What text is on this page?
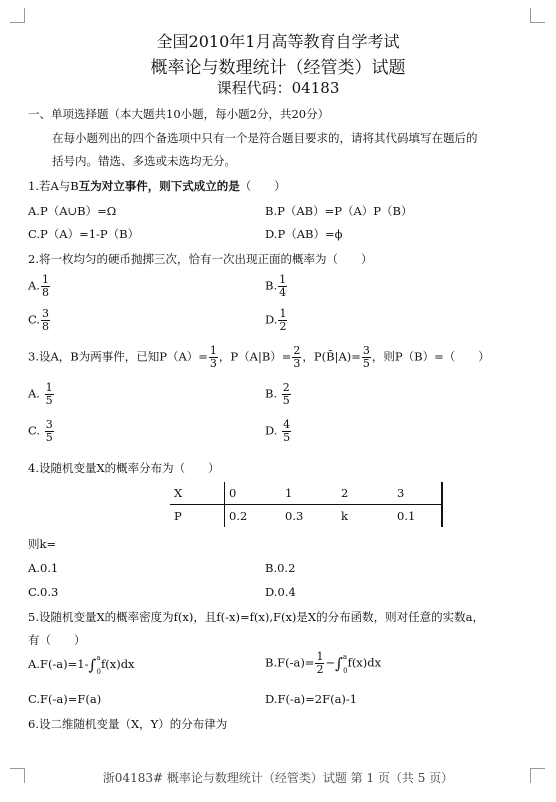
全国2010年1月高等教育自学考试
概率论与数理统计（经管类）试题
课程代码：04183
一、单项选择题（本大题共10小题，每小题2分，共20分）
在每小题列出的四个备选项中只有一个是符合题目要求的，请将其代码填写在题后的
括号内。错选、多选或未选均无分。
1.若A与B互为对立事件，则下式成立的是（　　）
A.P（A∪B）=Ω	B.P（AB）=P（A）P（B）
C.P（A）=1-P（B）	D.P（AB）=ϕ
2.将一枚均匀的硬币抛掷三次，恰有一次出现正面的概率为（　　）
A. $\frac{1}{8}$	B. $\frac{1}{4}$
C. $\frac{3}{8}$	D. $\frac{1}{2}$
3.设A，B为两事件，已知$P(A)= \frac{1}{3}$ ，$P(A|B)= \frac{2}{3}$ ，P(B̄|A)= $\frac{3}{5}$ ，则P（B）=（　　）
A. $\frac{1}{5}$	B. $\frac{2}{5}$
C. $\frac{3}{5}$	D. $\frac{4}{5}$
4.设随机变量X的概率分布为（　　）
X	0	1	2	3
P	0.2	0.3	k	0.1
则k=
A.0.1	B.0.2
C.0.3	D.0.4
5.设随机变量X的概率密度为f(x)，且f(-x)=f(x),F(x)是X的分布函数，则对任意的实数a，
有（　　）
A.F(-a)=1-∫$^a_0$f(x)dx	$B.F(-a)= \frac{1}{2} -\int^a_0f(x)dx$
C.F(-a)=F(a)	D.F(-a)=2F(a)-1
6.设二维随机变量（X，Y）的分布律为
浙04183# 概率论与数理统计（经管类）试题 第 1 页（共 5 页）
